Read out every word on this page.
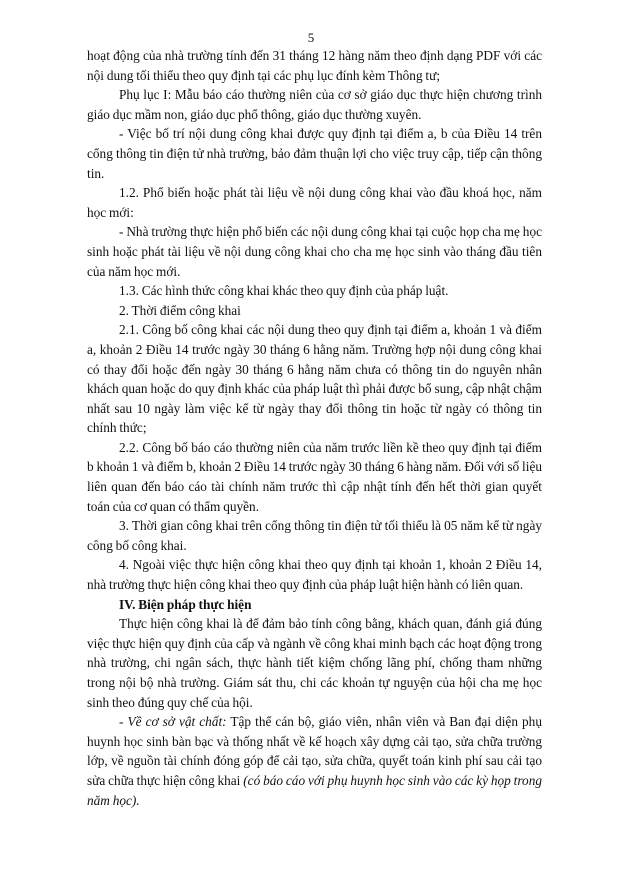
5

hoạt động của nhà trường tính đến 31 tháng 12 hàng năm theo định dạng PDF với các nội dung tối thiểu theo quy định tại các phụ lục đính kèm Thông tư;

Phụ lục I: Mẫu báo cáo thường niên của cơ sở giáo dục thực hiện chương trình giáo dục mầm non, giáo dục phổ thông, giáo dục thường xuyên.

- Việc bố trí nội dung công khai được quy định tại điểm a, b của Điều 14 trên cổng thông tin điện tử nhà trường, bảo đảm thuận lợi cho việc truy cập, tiếp cận thông tin.

1.2. Phổ biến hoặc phát tài liệu về nội dung công khai vào đầu khoá học, năm học mới:

- Nhà trường thực hiện phổ biến các nội dung công khai tại cuộc họp cha mẹ học sinh hoặc phát tài liệu về nội dung công khai cho cha mẹ học sinh vào tháng đầu tiên của năm học mới.

1.3. Các hình thức công khai khác theo quy định của pháp luật.

2. Thời điểm công khai

2.1. Công bố công khai các nội dung theo quy định tại điểm a, khoản 1 và điểm a, khoản 2 Điều 14 trước ngày 30 tháng 6 hằng năm. Trường hợp nội dung công khai có thay đổi hoặc đến ngày 30 tháng 6 hằng năm chưa có thông tin do nguyên nhân khách quan hoặc do quy định khác của pháp luật thì phải được bổ sung, cập nhật chậm nhất sau 10 ngày làm việc kể từ ngày thay đổi thông tin hoặc từ ngày có thông tin chính thức;

2.2. Công bố báo cáo thường niên của năm trước liền kề theo quy định tại điểm b khoản 1 và điểm b, khoản 2 Điều 14 trước ngày 30 tháng 6 hàng năm. Đối với số liệu liên quan đến báo cáo tài chính năm trước thì cập nhật tính đến hết thời gian quyết toán của cơ quan có thẩm quyền.

3. Thời gian công khai trên cổng thông tin điện tử tối thiểu là 05 năm kể từ ngày công bố công khai.

4. Ngoài việc thực hiện công khai theo quy định tại khoản 1, khoản 2 Điều 14, nhà trường thực hiện công khai theo quy định của pháp luật hiện hành có liên quan.

IV. Biện pháp thực hiện

Thực hiện công khai là để đảm bảo tính công bằng, khách quan, đánh giá đúng việc thực hiện quy định của cấp và ngành về công khai minh bạch các hoạt động trong nhà trường, chi ngân sách, thực hành tiết kiệm chống lãng phí, chống tham những trong nội bộ nhà trường. Giám sát thu, chi các khoản tự nguyện của hội cha mẹ học sinh theo đúng quy chế của hội.

- Về cơ sở vật chất: Tập thể cán bộ, giáo viên, nhân viên và Ban đại diện phụ huynh học sinh bàn bạc và thống nhất về kế hoạch xây dựng cải tạo, sửa chữa trường lớp, về nguồn tài chính đóng góp để cải tạo, sửa chữa, quyết toán kinh phí sau cải tạo sửa chữa thực hiện công khai (có báo cáo với phụ huynh học sinh vào các kỳ họp trong năm học).
